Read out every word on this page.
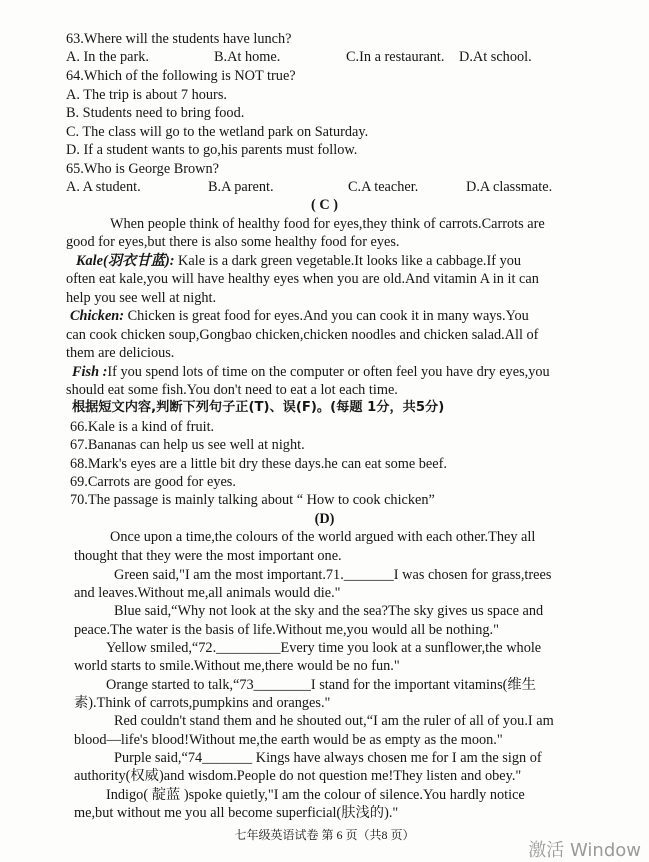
63.Where will the students have lunch?
A. In the park.	B.At home.	C.In a restaurant. D.At school.
64.Which of the following is NOT true?
A. The trip is about 7 hours.
B. Students need to bring food.
C. The class will go to the wetland park on Saturday.
D. If a student wants to go,his parents must follow.
65.Who is George Brown?
A. A student.	B.A parent.	C.A teacher.	D.A classmate.
( C )
When people think of healthy food for eyes,they think of carrots.Carrots are
good for eyes,but there is also some healthy food for eyes.
Kale(羽衣甘蓝): Kale is a dark green vegetable.It looks like a cabbage.If you
often eat kale,you will have healthy eyes when you are old.And vitamin A in it can
help you see well at night.
Chicken: Chicken is great food for eyes.And you can cook it in many ways.You
can cook chicken soup,Gongbao chicken,chicken noodles and chicken salad.All of
them are delicious.
Fish :If you spend lots of time on the computer or often feel you have dry eyes,you
should eat some fish.You don't need to eat a lot each time.
根据短文内容,判断下列句子正(T)、误(F)。(每题 1分，共5分)
66.Kale is a kind of fruit.
67.Bananas can help us see well at night.
68.Mark's eyes are a little bit dry these days.he can eat some beef.
69.Carrots are good for eyes.
70.The passage is mainly talking about “ How to cook chicken”
(D)
Once upon a time,the colours of the world argued with each other.They all
thought that they were the most important one.
Green said,"I am the most important.71._______I was chosen for grass,trees
and leaves.Without me,all animals would die."
Blue said,“Why not look at the sky and the sea?The sky gives us space and
peace.The water is the basis of life.Without me,you would all be nothing."
Yellow smiled,“72._________Every time you look at a sunflower,the whole
world starts to smile.Without me,there would be no fun."
Orange started to talk,“73________I stand for the important vitamins(维生
素).Think of carrots,pumpkins and oranges."
Red couldn't stand them and he shouted out,“I am the ruler of all of you.I am
blood—life's blood!Without me,the earth would be as empty as the moon."
Purple said,“74_______ Kings have always chosen me for I am the sign of
authority(权威)and wisdom.People do not question me!They listen and obey."
Indigo( 靛蓝 )spoke quietly,"I am the colour of silence.You hardly notice
me,but without me you all become superficial(肤浅的)."
七年级英语试卷 第 6 页（共8 页）
激活 Window
